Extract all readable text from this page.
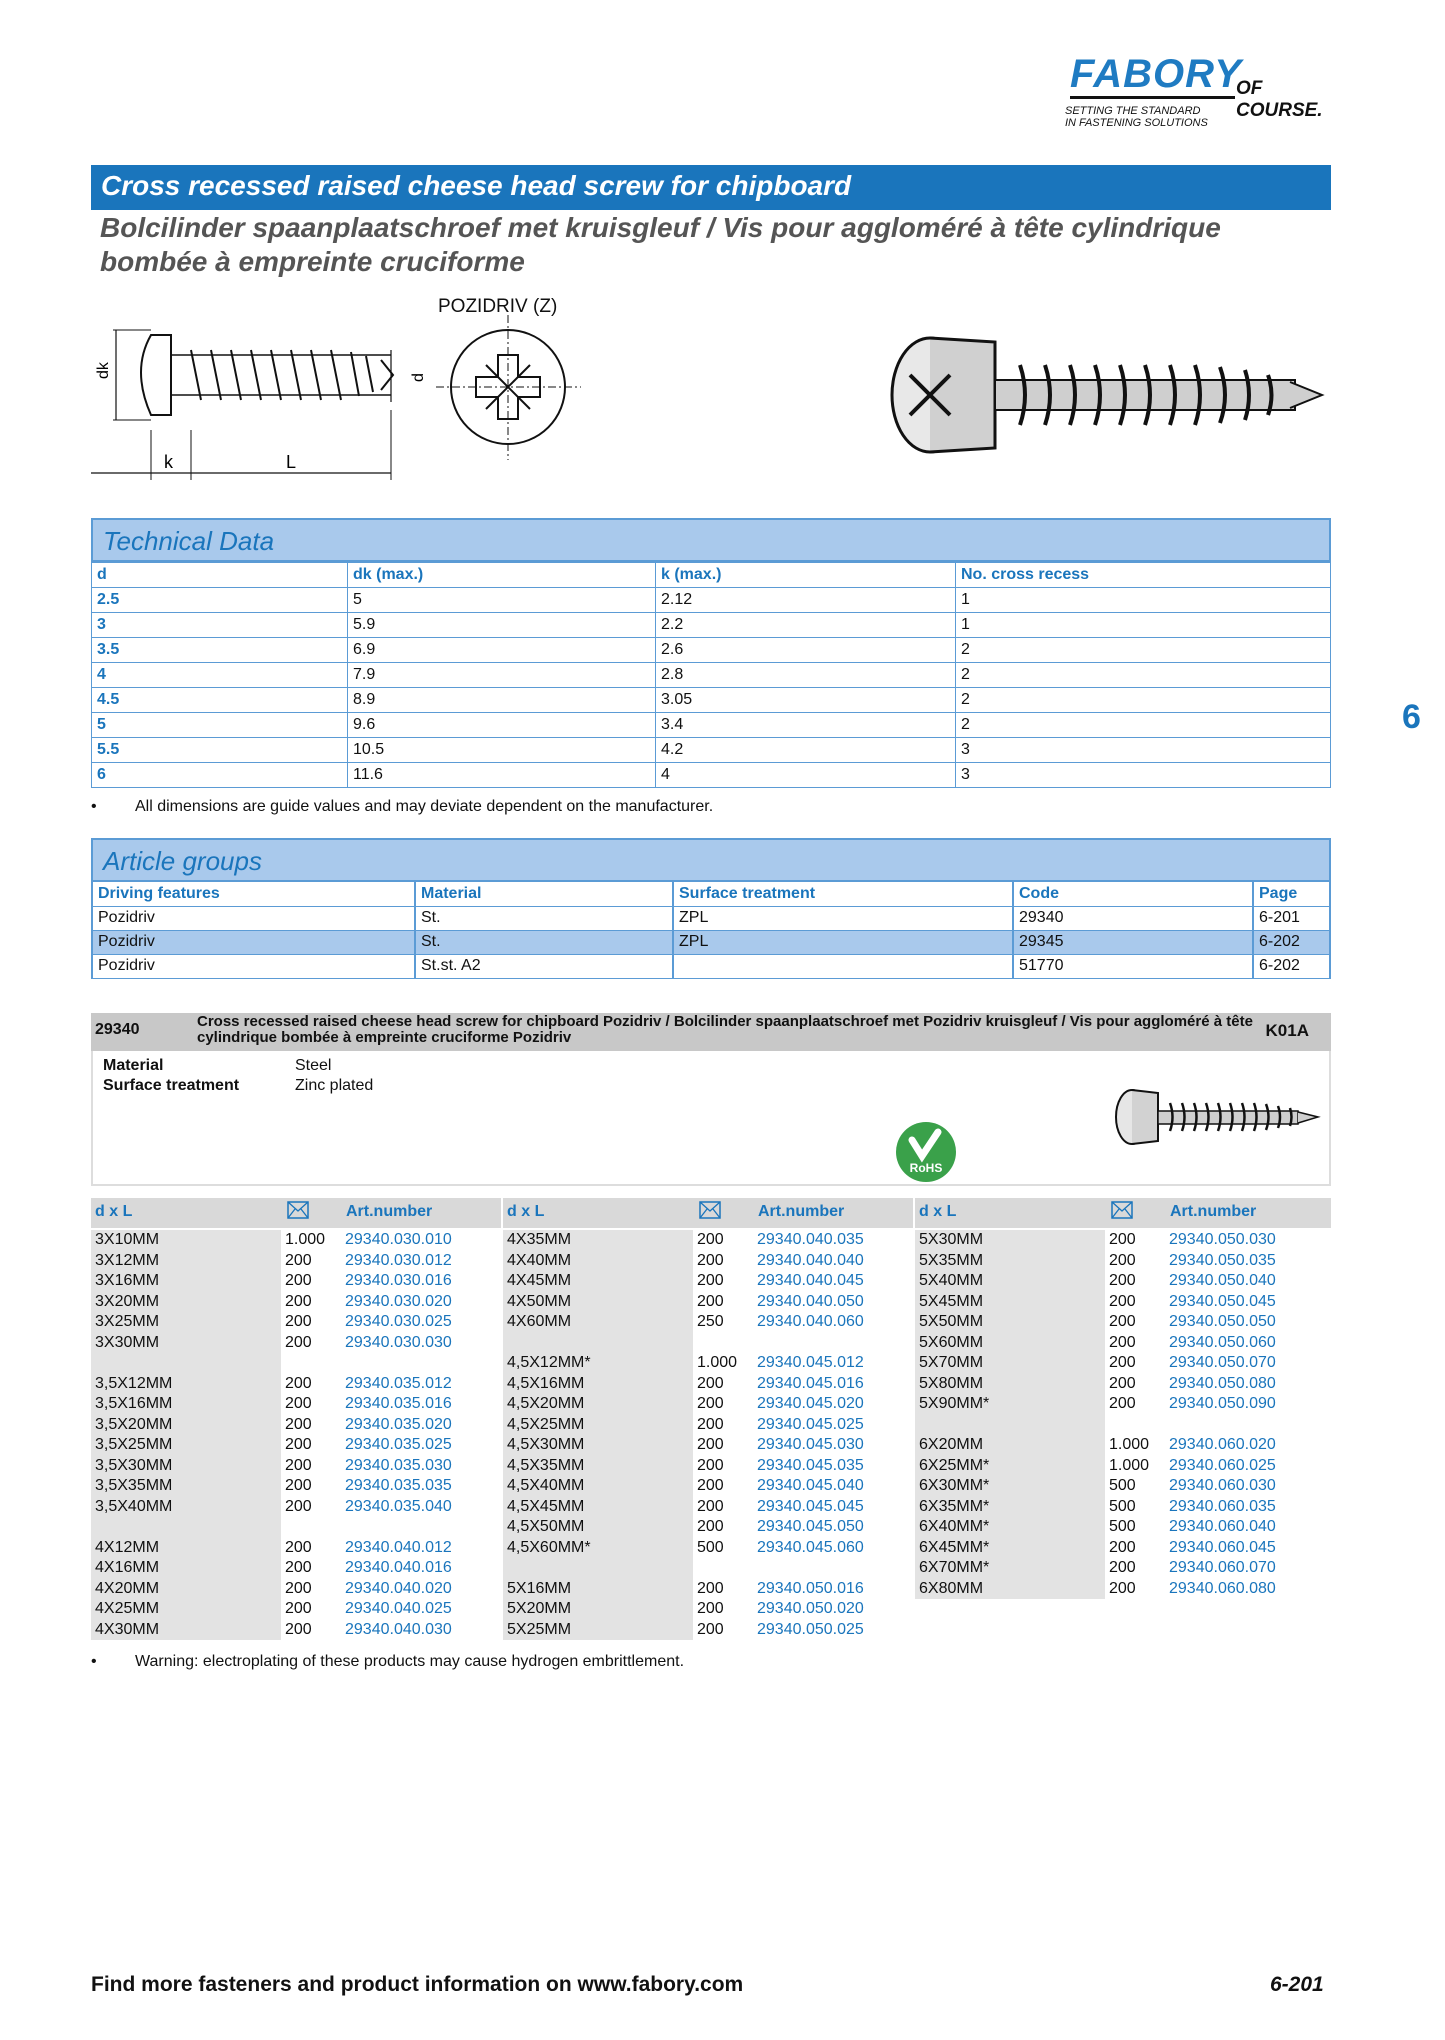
FABORY
OF COURSE.
SETTING THE STANDARD
IN FASTENING SOLUTIONS
Cross recessed raised cheese head screw for chipboard
Bolcilinder spaanplaatschroef met kruisgleuf / Vis pour aggloméré à tête cylindrique bombée à empreinte cruciforme
POZIDRIV (Z)
dk	d
k	L
6
Technical Data
d	dk (max.)	k (max.)	No. cross recess
2.5	5	2.12	1
3	5.9	2.2	1
3.5	6.9	2.6	2
4	7.9	2.8	2
4.5	8.9	3.05	2
5	9.6	3.4	2
5.5	10.5	4.2	3
6	11.6	4	3
• All dimensions are guide values and may deviate dependent on the manufacturer.
Article groups
Driving features	Material	Surface treatment	Code	Page
Pozidriv	St.	ZPL	29340	6-201
Pozidriv	St.	ZPL	29345	6-202
Pozidriv	St.st. A2		51770	6-202
29340	Cross recessed raised cheese head screw for chipboard Pozidriv / Bolcilinder spaanplaatschroef met Pozidriv kruisgleuf / Vis pour aggloméré à tête cylindrique bombée à empreinte cruciforme Pozidriv	K01A
Material	Steel
Surface treatment	Zinc plated
RoHS
d x L	Art.number	d x L	Art.number	d x L	Art.number
3X10MM	1.000 29340.030.010
3X12MM	200 29340.030.012
3X16MM	200 29340.030.016
3X20MM	200 29340.030.020
3X25MM	200 29340.030.025
3X30MM	200 29340.030.030
3,5X12MM	200 29340.035.012
3,5X16MM	200 29340.035.016
3,5X20MM	200 29340.035.020
3,5X25MM	200 29340.035.025
3,5X30MM	200 29340.035.030
3,5X35MM	200 29340.035.035
3,5X40MM	200 29340.035.040
4X12MM	200 29340.040.012
4X16MM	200 29340.040.016
4X20MM	200 29340.040.020
4X25MM	200 29340.040.025
4X30MM	200 29340.040.030
4X35MM	200 29340.040.035
4X40MM	200 29340.040.040
4X45MM	200 29340.040.045
4X50MM	200 29340.040.050
4X60MM	250 29340.040.060
4,5X12MM*	1.000 29340.045.012
4,5X16MM	200 29340.045.016
4,5X20MM	200 29340.045.020
4,5X25MM	200 29340.045.025
4,5X30MM	200 29340.045.030
4,5X35MM	200 29340.045.035
4,5X40MM	200 29340.045.040
4,5X45MM	200 29340.045.045
4,5X50MM	200 29340.045.050
4,5X60MM*	500 29340.045.060
5X16MM	200 29340.050.016
5X20MM	200 29340.050.020
5X25MM	200 29340.050.025
5X30MM	200 29340.050.030
5X35MM	200 29340.050.035
5X40MM	200 29340.050.040
5X45MM	200 29340.050.045
5X50MM	200 29340.050.050
5X60MM	200 29340.050.060
5X70MM	200 29340.050.070
5X80MM	200 29340.050.080
5X90MM*	200 29340.050.090
6X20MM	1.000 29340.060.020
6X25MM*	1.000 29340.060.025
6X30MM*	500 29340.060.030
6X35MM*	500 29340.060.035
6X40MM*	500 29340.060.040
6X45MM*	200 29340.060.045
6X70MM*	200 29340.060.070
6X80MM	200 29340.060.080
• Warning: electroplating of these products may cause hydrogen embrittlement.
Find more fasteners and product information on www.fabory.com	6-201
